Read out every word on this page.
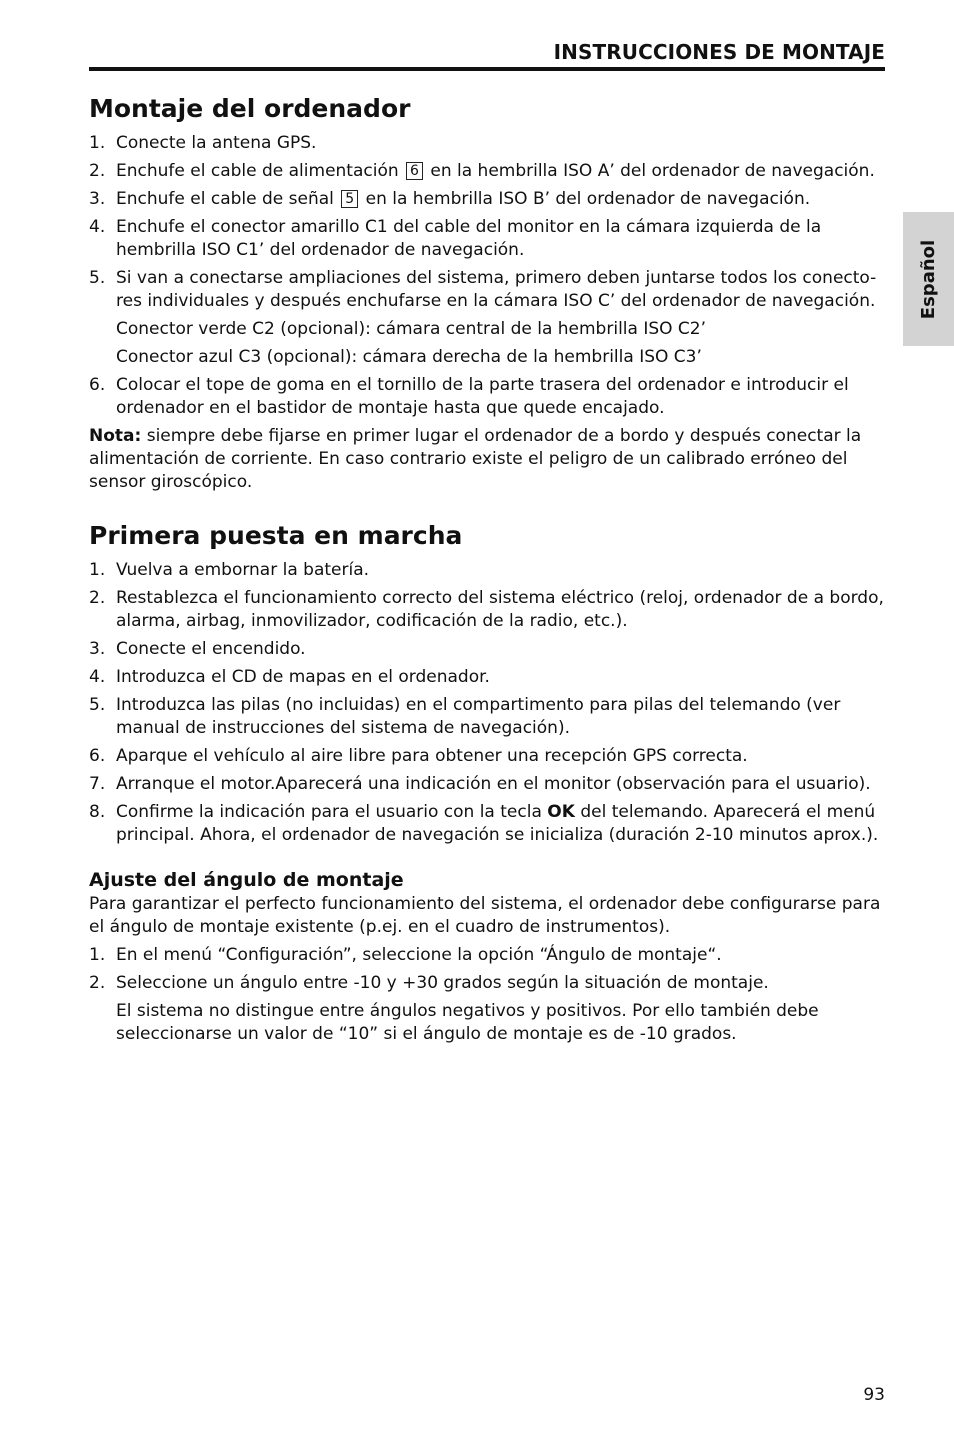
INSTRUCCIONES DE MONTAJE
Español
Montaje del ordenador
1. Conecte la antena GPS.
2. Enchufe el cable de alimentación 6 en la hembrilla ISO A’ del ordenador de navegación.
3. Enchufe el cable de señal 5 en la hembrilla ISO B’ del ordenador de navegación.
4. Enchufe el conector amarillo C1 del cable del monitor en la cámara izquierda de la hembrilla ISO C1’ del ordenador de navegación.
5. Si van a conectarse ampliaciones del sistema, primero deben juntarse todos los conecto- res individuales y después enchufarse en la cámara ISO C’ del ordenador de navegación.

Conector verde C2 (opcional): cámara central de la hembrilla ISO C2’

Conector azul C3 (opcional): cámara derecha de la hembrilla ISO C3’

6. Colocar el tope de goma en el tornillo de la parte trasera del ordenador e introducir el ordenador en el bastidor de montaje hasta que quede encajado.

Nota: siempre debe fijarse en primer lugar el ordenador de a bordo y después conectar la alimentación de corriente. En caso contrario existe el peligro de un calibrado erróneo del sensor giroscópico.

Primera puesta en marcha
1. Vuelva a embornar la batería.
2. Restablezca el funcionamiento correcto del sistema eléctrico (reloj, ordenador de a bordo, alarma, airbag, inmovilizador, codificación de la radio, etc.).
3. Conecte el encendido.
4. Introduzca el CD de mapas en el ordenador.
5. Introduzca las pilas (no incluidas) en el compartimento para pilas del telemando (ver manual de instrucciones del sistema de navegación).
6. Aparque el vehículo al aire libre para obtener una recepción GPS correcta.
7. Arranque el motor.Aparecerá una indicación en el monitor (observación para el usuario).
8. Confirme la indicación para el usuario con la tecla OK del telemando. Aparecerá el menú principal. Ahora, el ordenador de navegación se inicializa (duración 2-10 minutos aprox.).
Ajuste del ángulo de montaje

Para garantizar el perfecto funcionamiento del sistema, el ordenador debe configurarse para el ángulo de montaje existente (p.ej. en el cuadro de instrumentos).

1. En el menú “Configuración”, seleccione la opción “Ángulo de montaje“.
2. Seleccione un ángulo entre -10 y +30 grados según la situación de montaje.

El sistema no distingue entre ángulos negativos y positivos. Por ello también debe seleccionarse un valor de “10” si el ángulo de montaje es de -10 grados.

93
